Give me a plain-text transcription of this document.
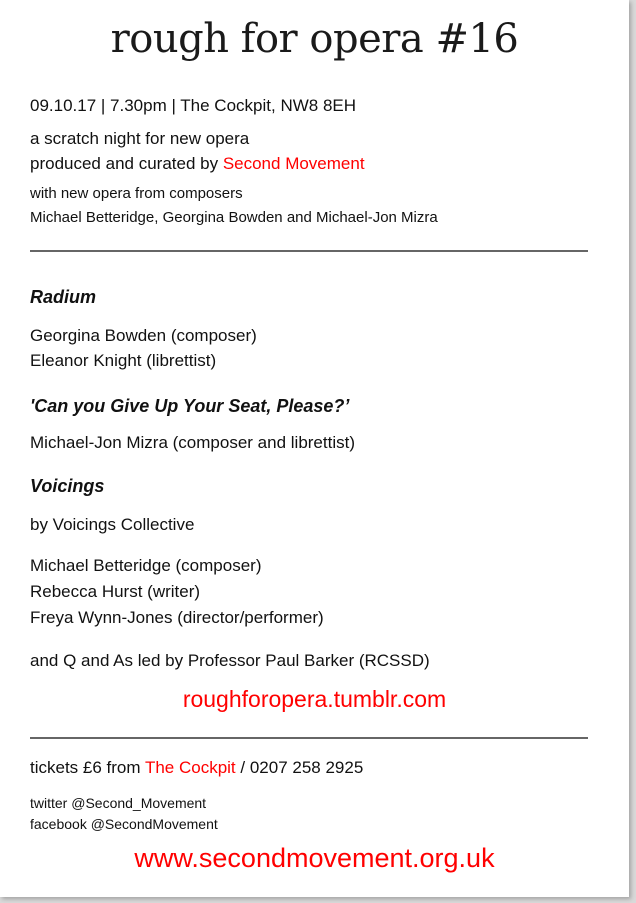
rough for opera #16
09.10.17 | 7.30pm | The Cockpit, NW8 8EH
a scratch night for new opera
produced and curated by Second Movement
with new opera from composers
Michael Betteridge, Georgina Bowden and Michael-Jon Mizra
Radium
Georgina Bowden (composer)
Eleanor Knight (librettist)
'Can you Give Up Your Seat, Please?’
Michael-Jon Mizra (composer and librettist)
Voicings
by Voicings Collective
Michael Betteridge (composer)
Rebecca Hurst (writer)
Freya Wynn-Jones (director/performer)
and Q and As led by Professor Paul Barker (RCSSD)
roughforopera.tumblr.com
tickets £6 from The Cockpit / 0207 258 2925
twitter @Second_Movement
facebook @SecondMovement
www.secondmovement.org.uk
